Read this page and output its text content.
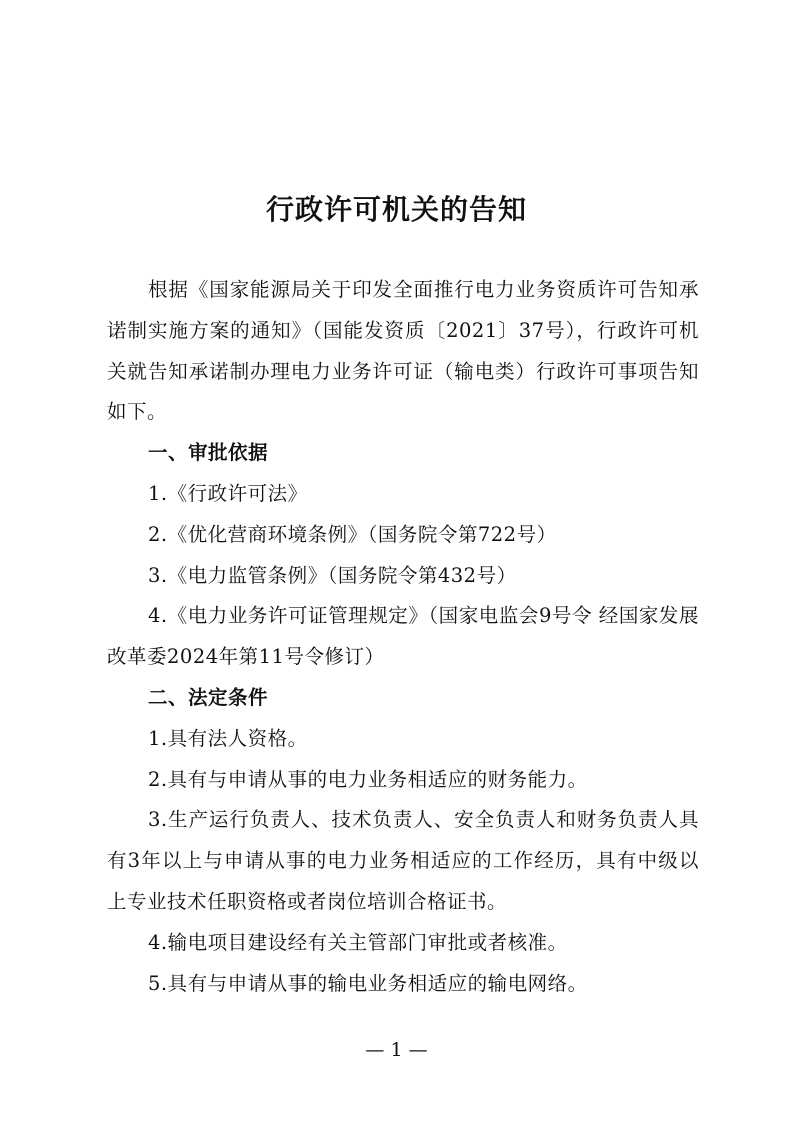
行政许可机关的告知

根据《国家能源局关于印发全面推行电力业务资质许可告知承诺制实施方案的通知》（国能发资质〔2021〕37号），行政许可机关就告知承诺制办理电力业务许可证（输电类）行政许可事项告知如下。

一、审批依据

1.《行政许可法》

2.《优化营商环境条例》（国务院令第722号）

3.《电力监管条例》（国务院令第432号）

4.《电力业务许可证管理规定》（国家电监会9号令 经国家发展改革委2024年第11号令修订）

二、法定条件

1.具有法人资格。

2.具有与申请从事的电力业务相适应的财务能力。

3.生产运行负责人、技术负责人、安全负责人和财务负责人具有3年以上与申请从事的电力业务相适应的工作经历，具有中级以上专业技术任职资格或者岗位培训合格证书。

4.输电项目建设经有关主管部门审批或者核准。

5.具有与申请从事的输电业务相适应的输电网络。

— 1 —
